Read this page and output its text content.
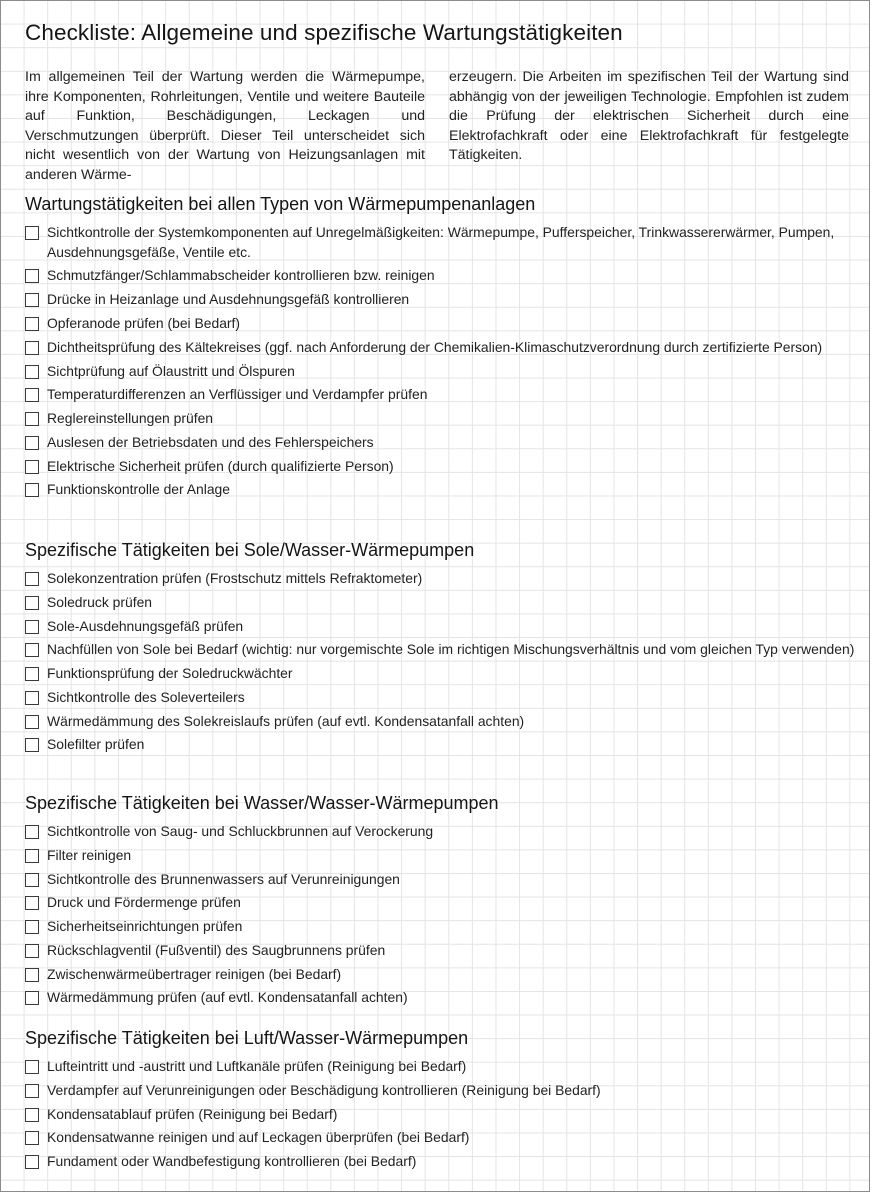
Checkliste: Allgemeine und spezifische Wartungstätigkeiten

Im allgemeinen Teil der Wartung werden die Wärmepumpe, ihre Komponenten, Rohrleitungen, Ventile und weitere Bauteile auf Funktion, Beschädigungen, Leckagen und Verschmutzungen überprüft. Dieser Teil unterscheidet sich nicht wesentlich von der Wartung von Heizungsanlagen mit anderen Wärme-

erzeugern. Die Arbeiten im spezifischen Teil der Wartung sind abhängig von der jeweiligen Technologie. Empfohlen ist zudem die Prüfung der elektrischen Sicherheit durch eine Elektrofachkraft oder eine Elektrofachkraft für festgelegte Tätigkeiten.

Wartungstätigkeiten bei allen Typen von Wärmepumpenanlagen
Sichtkontrolle der Systemkomponenten auf Unregelmäßigkeiten: Wärmepumpe, Pufferspeicher, Trinkwassererwärmer, Pumpen, Ausdehnungsgefäße, Ventile etc.
Schmutzfänger/Schlammabscheider kontrollieren bzw. reinigen
Drücke in Heizanlage und Ausdehnungsgefäß kontrollieren
Opferanode prüfen (bei Bedarf)
Dichtheitsprüfung des Kältekreises (ggf. nach Anforderung der Chemikalien-Klimaschutzverordnung durch zertifizierte Person)
Sichtprüfung auf Ölaustritt und Ölspuren
Temperaturdifferenzen an Verflüssiger und Verdampfer prüfen
Reglereinstellungen prüfen
Auslesen der Betriebsdaten und des Fehlerspeichers
Elektrische Sicherheit prüfen (durch qualifizierte Person)
Funktionskontrolle der Anlage
Spezifische Tätigkeiten bei Sole/Wasser-Wärmepumpen
Solekonzentration prüfen (Frostschutz mittels Refraktometer)
Soledruck prüfen
Sole-Ausdehnungsgefäß prüfen
Nachfüllen von Sole bei Bedarf (wichtig: nur vorgemischte Sole im richtigen Mischungsverhältnis und vom gleichen Typ verwenden)
Funktionsprüfung der Soledruckwächter
Sichtkontrolle des Soleverteilers
Wärmedämmung des Solekreislaufs prüfen (auf evtl. Kondensatanfall achten)
Solefilter prüfen
Spezifische Tätigkeiten bei Wasser/Wasser-Wärmepumpen
Sichtkontrolle von Saug- und Schluckbrunnen auf Verockerung
Filter reinigen
Sichtkontrolle des Brunnenwassers auf Verunreinigungen
Druck und Fördermenge prüfen
Sicherheitseinrichtungen prüfen
Rückschlagventil (Fußventil) des Saugbrunnens prüfen
Zwischenwärmeübertrager reinigen (bei Bedarf)
Wärmedämmung prüfen (auf evtl. Kondensatanfall achten)
Spezifische Tätigkeiten bei Luft/Wasser-Wärmepumpen
Lufteintritt und -austritt und Luftkanäle prüfen (Reinigung bei Bedarf)
Verdampfer auf Verunreinigungen oder Beschädigung kontrollieren (Reinigung bei Bedarf)
Kondensatablauf prüfen (Reinigung bei Bedarf)
Kondensatwanne reinigen und auf Leckagen überprüfen (bei Bedarf)
Fundament oder Wandbefestigung kontrollieren (bei Bedarf)
